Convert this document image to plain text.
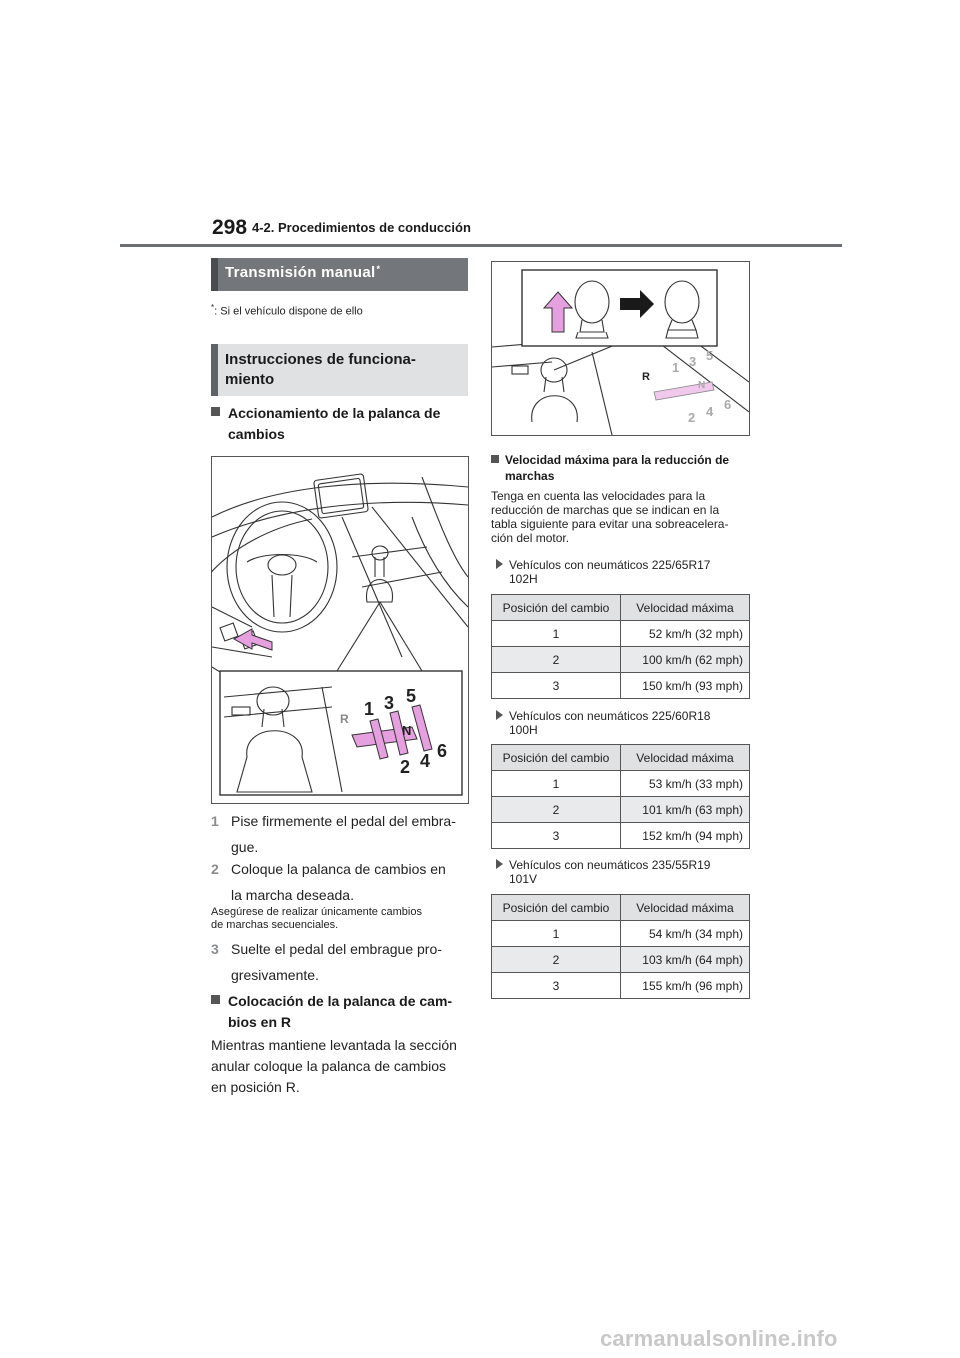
298 4-2. Procedimientos de conducción
Transmisión manual*
*: Si el vehículo dispone de ello
Instrucciones de funciona-miento
Accionamiento de la palanca de
cambios
1 3 5
N
2 4 6
R
1 Pise firmemente el pedal del embra-
gue.
2 Coloque la palanca de cambios en
la marcha deseada.
Asegúrese de realizar únicamente cambios
de marchas secuenciales.
3 Suelte el pedal del embrague pro-
gresivamente.
Colocación de la palanca de cam-
bios en R
Mientras mantiene levantada la sección
anular coloque la palanca de cambios
en posición R.
1 3 5
N
2 4 6
R
Velocidad máxima para la reducción de
marchas
Tenga en cuenta las velocidades para la
reducción de marchas que se indican en la
tabla siguiente para evitar una sobreacelera-
ción del motor.
Vehículos con neumáticos 225/65R17
102H
Posición del cambio	Velocidad máxima
1	52 km/h (32 mph)
2	100 km/h (62 mph)
3	150 km/h (93 mph)
Vehículos con neumáticos 225/60R18
100H
Posición del cambio	Velocidad máxima
1	53 km/h (33 mph)
2	101 km/h (63 mph)
3	152 km/h (94 mph)
Vehículos con neumáticos 235/55R19
101V
Posición del cambio	Velocidad máxima
1	54 km/h (34 mph)
2	103 km/h (64 mph)
3	155 km/h (96 mph)
carmanualsonline.info
